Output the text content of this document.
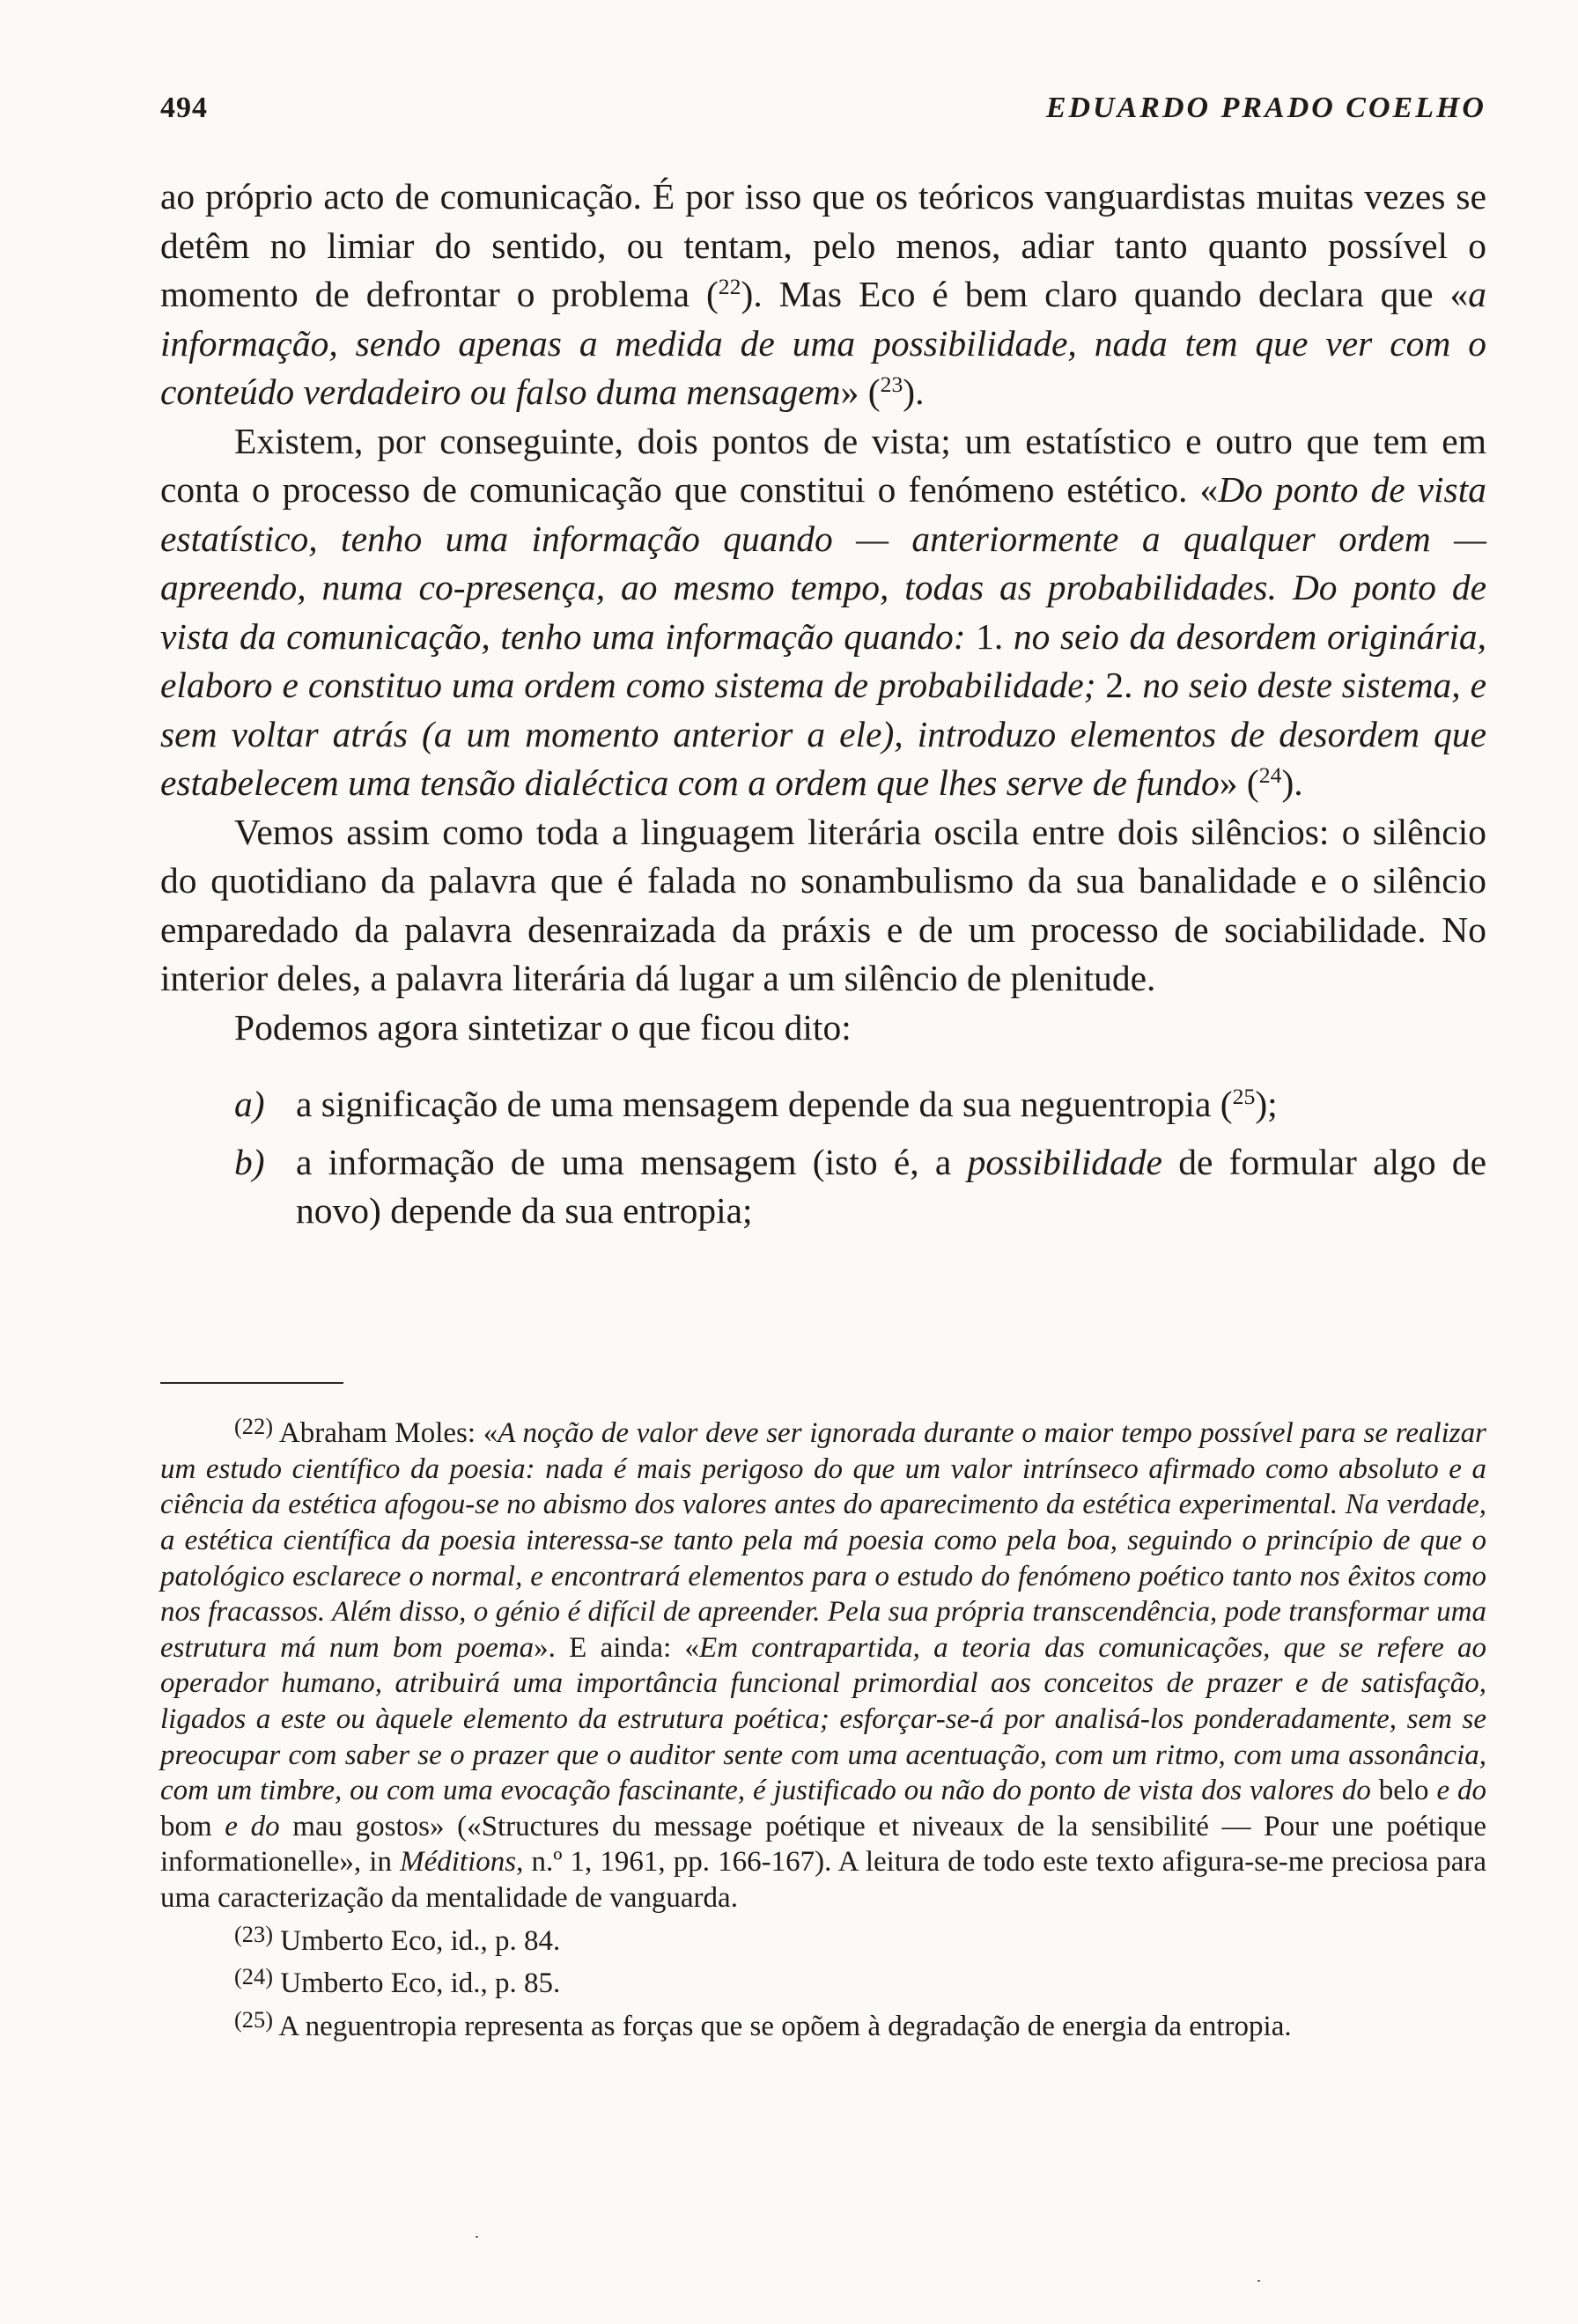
494	EDUARDO PRADO COELHO

ao próprio acto de comunicação. É por isso que os teóricos vanguardistas muitas vezes se detêm no limiar do sentido, ou tentam, pelo menos, adiar tanto quanto possível o momento de defrontar o problema ($^{22}$). Mas Eco é bem claro quando declara que «a informação, sendo apenas a medida de uma possibilidade, nada tem que ver com o conteúdo verdadeiro ou falso duma mensagem» ($^{23}$).

Existem, por conseguinte, dois pontos de vista; um estatístico e outro que tem em conta o processo de comunicação que constitui o fenómeno estético. «Do ponto de vista estatístico, tenho uma informação quando — anteriormente a qualquer ordem — apreendo, numa co-presença, ao mesmo tempo, todas as probabilidades. Do ponto de vista da comunicação, tenho uma informação quando: 1. no seio da desordem originária, elaboro e constituo uma ordem como sistema de probabilidade; 2. no seio deste sistema, e sem voltar atrás (a um momento anterior a ele), introduzo elementos de desordem que estabelecem uma tensão dialéctica com a ordem que lhes serve de fundo» ($^{24}$).

Vemos assim como toda a linguagem literária oscila entre dois silêncios: o silêncio do quotidiano da palavra que é falada no sonambulismo da sua banalidade e o silêncio emparedado da palavra desenraizada da práxis e de um processo de sociabilidade. No interior deles, a palavra literária dá lugar a um silêncio de plenitude.

Podemos agora sintetizar o que ficou dito:

a) a significação de uma mensagem depende da sua neguentropia ($^{25}$);
b) a informação de uma mensagem (isto é, a possibilidade de formular algo de novo) depende da sua entropia;

( $^{22}$ ) Abraham Moles: «A noção de valor deve ser ignorada durante o maior tempo possível para se realizar um estudo científico da poesia: nada é mais perigoso do que um valor intrínseco afirmado como absoluto e a ciência da estética afogou-se no abismo dos valores antes do aparecimento da estética experimental. Na verdade, a estética científica da poesia interessa-se tanto pela má poesia como pela boa, seguindo o princípio de que o patológico esclarece o normal, e encontrará elementos para o estudo do fenómeno poético tanto nos êxitos como nos fracassos. Além disso, o génio é difícil de apreender. Pela sua própria transcendência, pode transformar uma estrutura má num bom poema». E ainda: «Em contrapartida, a teoria das comunicações, que se refere ao operador humano, atribuirá uma importância funcional primordial aos conceitos de prazer e de satisfação, ligados a este ou àquele elemento da estrutura poética; esforçar-se-á por analisá-los ponderadamente, sem se preocupar com saber se o prazer que o auditor sente com uma acentuação, com um ritmo, com uma assonância, com um timbre, ou com uma evocação fascinante, é justificado ou não do ponto de vista dos valores do belo e do bom e do mau gostos» («Structures du message poétique et niveaux de la sensibilité — Pour une poétique informationelle», in Méditions, n.º 1, 1961, pp. 166-167). A leitura de todo este texto afigura-se-me preciosa para uma caracterização da mentalidade de vanguarda.

( $^{23}$ ) Umberto Eco, id., p. 84.

( $^{24}$ ) Umberto Eco, id., p. 85.

( $^{25}$ ) A neguentropia representa as forças que se opõem à degradação de energia da entropia.
